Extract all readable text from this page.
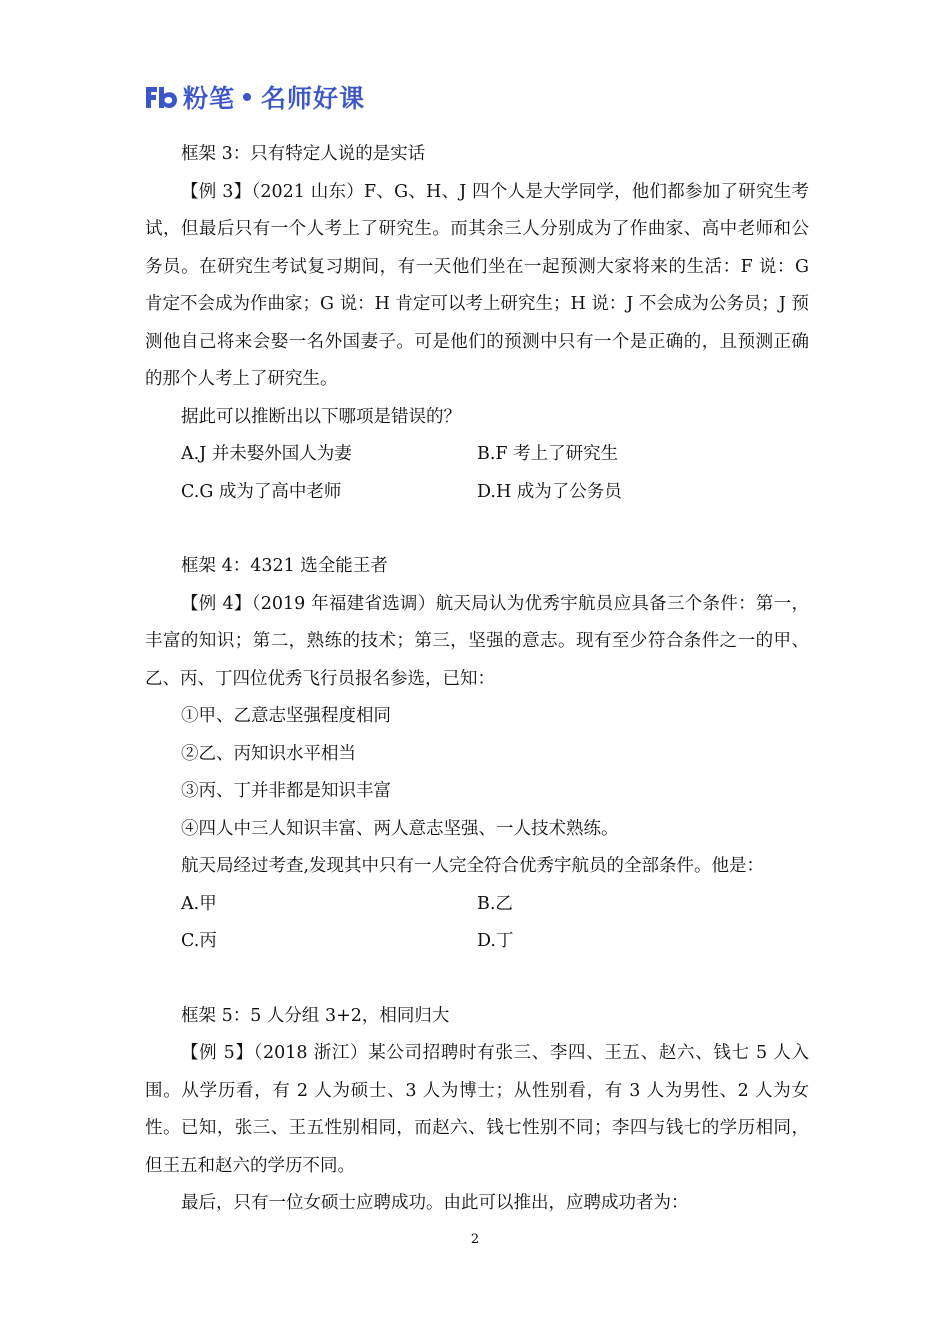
粉笔 名师好课
框架 3：只有特定人说的是实话
【例 3】（2021 山东）F、G、H、J 四个人是大学同学，他们都参加了研究生考试，但最后只有一个人考上了研究生。而其余三人分别成为了作曲家、高中老师和公务员。在研究生考试复习期间，有一天他们坐在一起预测大家将来的生活：F 说：G 肯定不会成为作曲家；G 说：H 肯定可以考上研究生；H 说：J 不会成为公务员；J 预测他自己将来会娶一名外国妻子。可是他们的预测中只有一个是正确的，且预测正确的那个人考上了研究生。
据此可以推断出以下哪项是错误的？
A.J 并未娶外国人为妻	B.F 考上了研究生
C.G 成为了高中老师	D.H 成为了公务员
框架 4：4321 选全能王者
【例 4】（2019 年福建省选调）航天局认为优秀宇航员应具备三个条件：第一，丰富的知识；第二，熟练的技术；第三，坚强的意志。现有至少符合条件之一的甲、乙、丙、丁四位优秀飞行员报名参选，已知：
①甲、乙意志坚强程度相同
②乙、丙知识水平相当
③丙、丁并非都是知识丰富
④四人中三人知识丰富、两人意志坚强、一人技术熟练。
航天局经过考查,发现其中只有一人完全符合优秀宇航员的全部条件。他是：
A.甲	B.乙
C.丙	D.丁
框架 5：5 人分组 3+2，相同归大
【例 5】（2018 浙江）某公司招聘时有张三、李四、王五、赵六、钱七 5 人入围。从学历看，有 2 人为硕士、3 人为博士；从性别看，有 3 人为男性、2 人为女性。已知，张三、王五性别相同，而赵六、钱七性别不同；李四与钱七的学历相同，但王五和赵六的学历不同。
最后，只有一位女硕士应聘成功。由此可以推出，应聘成功者为：
2
